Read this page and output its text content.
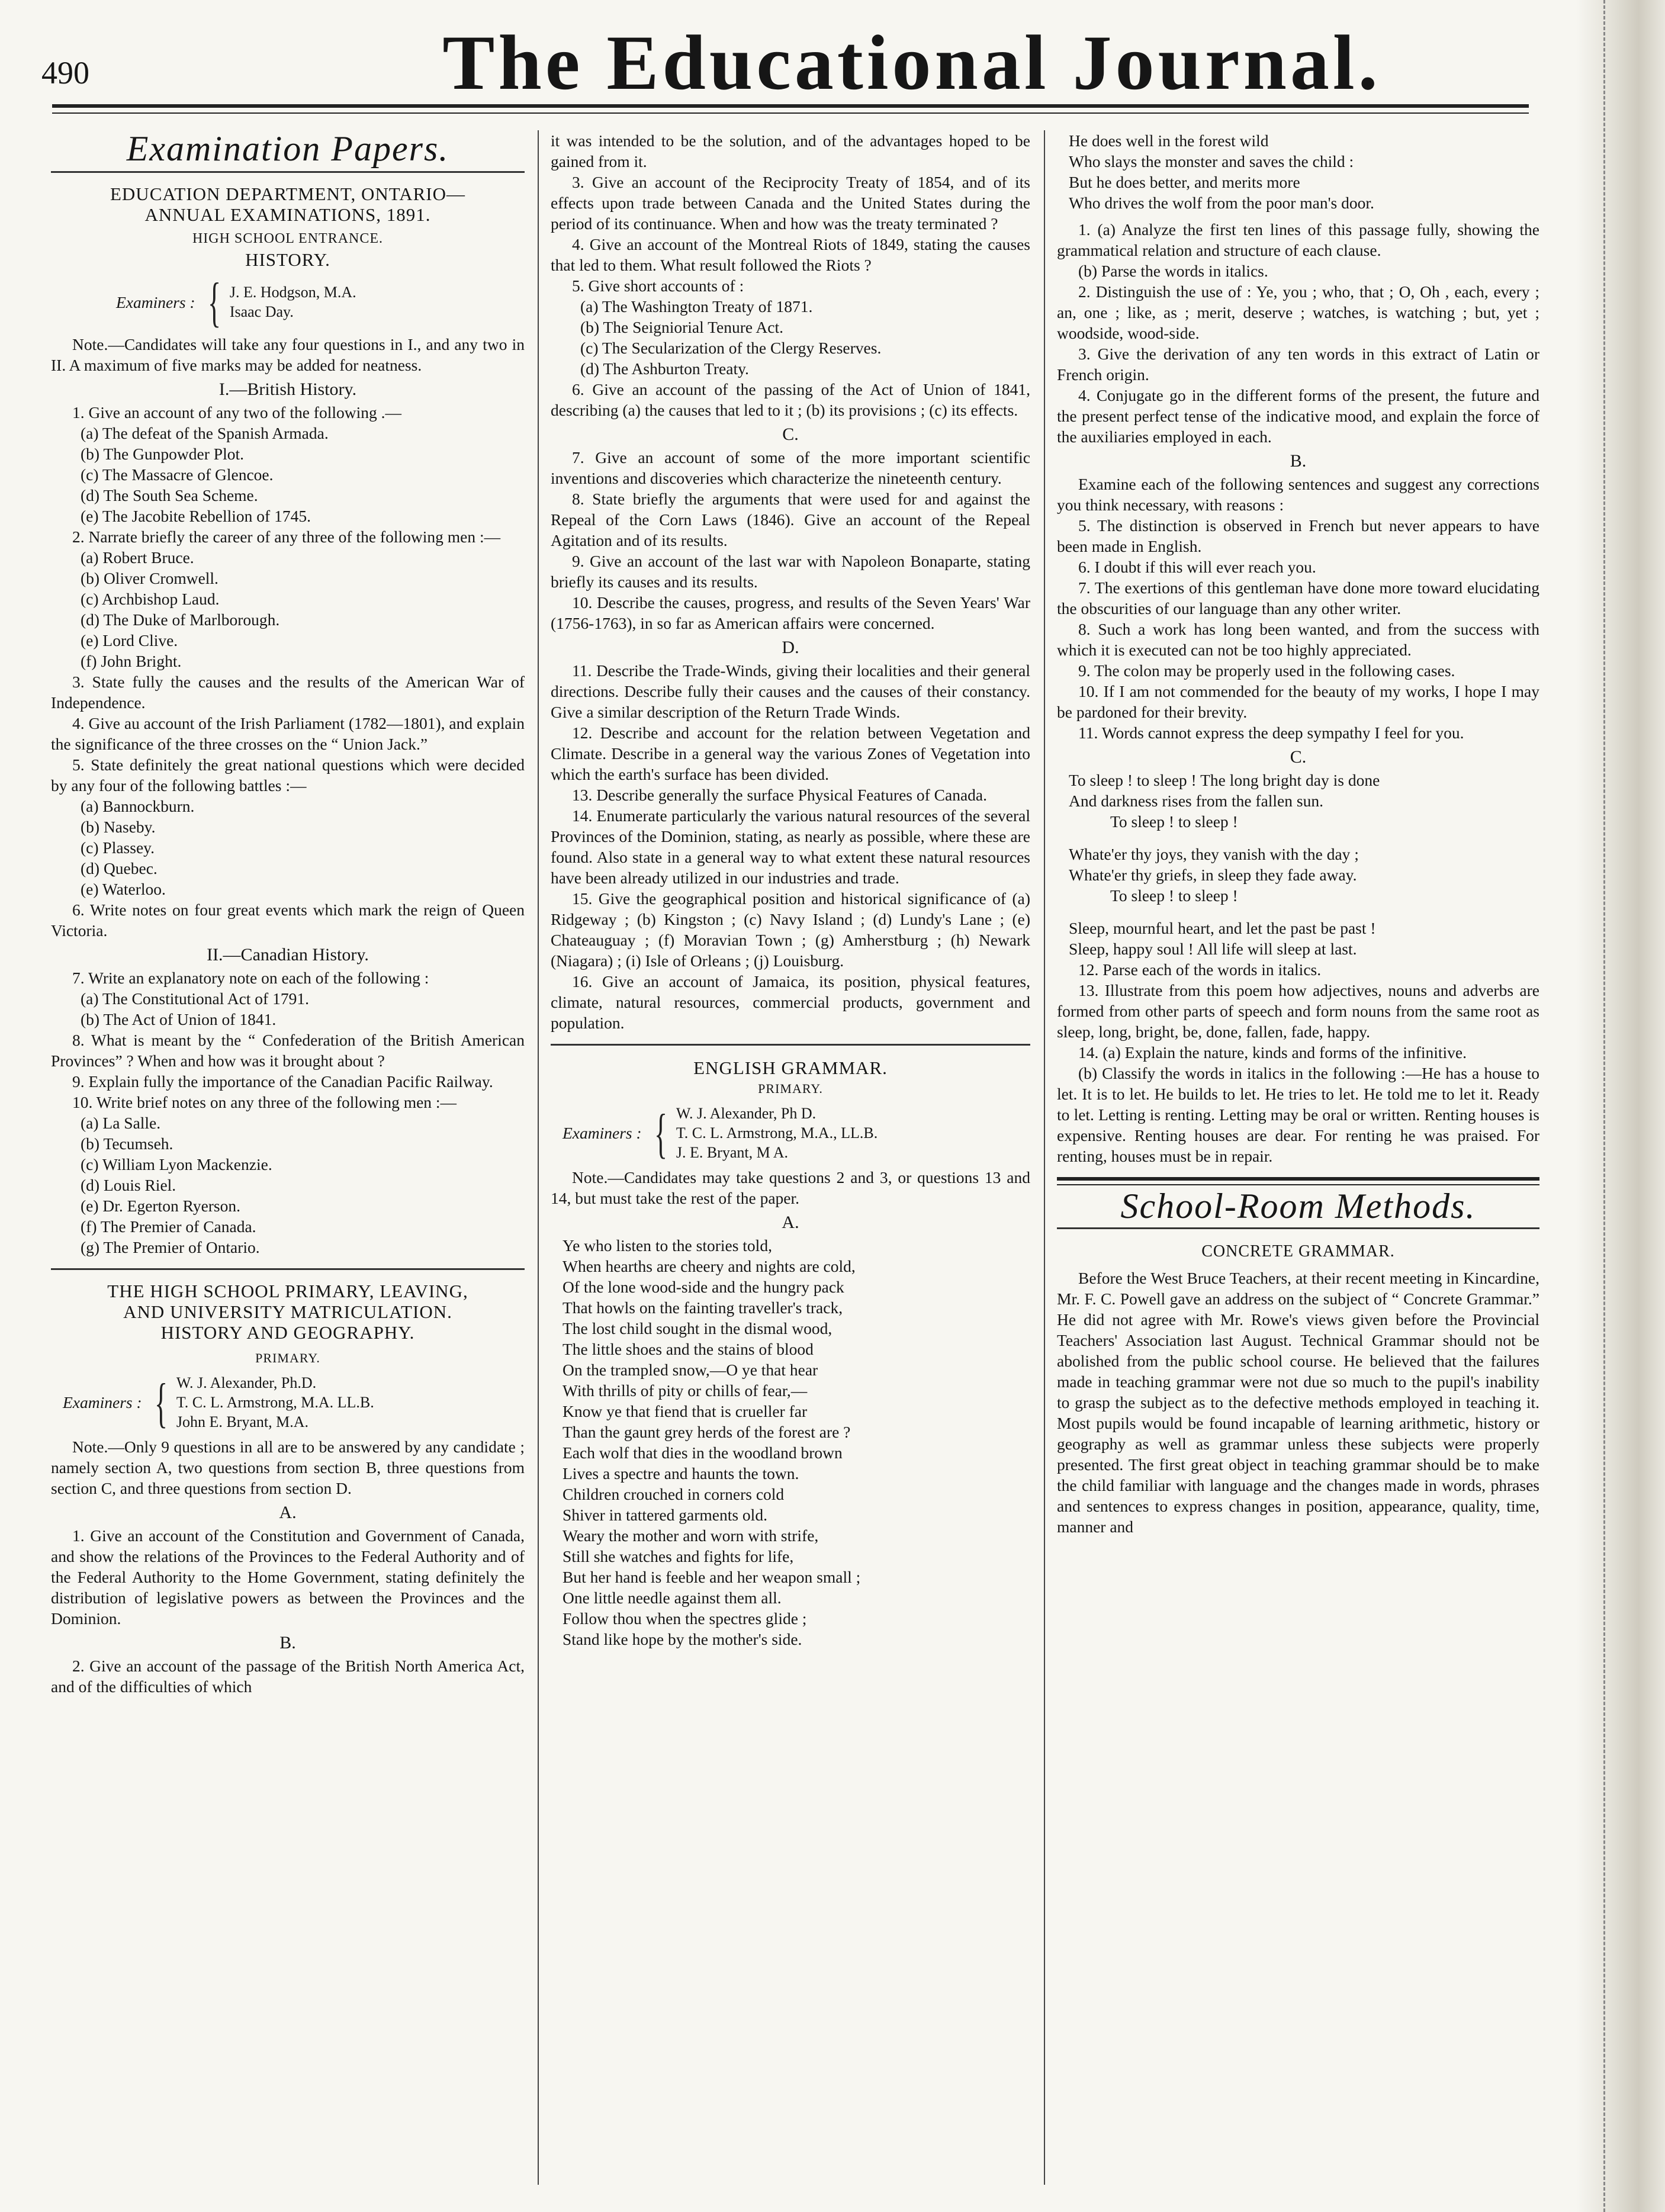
490	The Educational Journal.
Examination Papers.
EDUCATION DEPARTMENT, ONTARIO—
ANNUAL EXAMINATIONS, 1891.
HIGH SCHOOL ENTRANCE.
HISTORY.
Examiners : { J. E. Hodgson, M.A.
Isaac Day.

Note.—Candidates will take any four questions in I., and any two in II. A maximum of five marks may be added for neatness.

I.—British History.

1. Give an account of any two of the following .—

(a) The defeat of the Spanish Armada.

(b) The Gunpowder Plot.

(c) The Massacre of Glencoe.

(d) The South Sea Scheme.

(e) The Jacobite Rebellion of 1745.

2. Narrate briefly the career of any three of the following men :—

(a) Robert Bruce.

(b) Oliver Cromwell.

(c) Archbishop Laud.

(d) The Duke of Marlborough.

(e) Lord Clive.

(f) John Bright.

3. State fully the causes and the results of the American War of Independence.

4. Give au account of the Irish Parliament (1782—1801), and explain the significance of the three crosses on the “ Union Jack.”

5. State definitely the great national questions which were decided by any four of the following battles :—

(a) Bannockburn.

(b) Naseby.

(c) Plassey.

(d) Quebec.

(e) Waterloo.

6. Write notes on four great events which mark the reign of Queen Victoria.

II.—Canadian History.

7. Write an explanatory note on each of the following :

(a) The Constitutional Act of 1791.

(b) The Act of Union of 1841.

8. What is meant by the “ Confederation of the British American Provinces” ? When and how was it brought about ?

9. Explain fully the importance of the Canadian Pacific Railway.

10. Write brief notes on any three of the following men :—

(a) La Salle.

(b) Tecumseh.

(c) William Lyon Mackenzie.

(d) Louis Riel.

(e) Dr. Egerton Ryerson.

(f) The Premier of Canada.

(g) The Premier of Ontario.

THE HIGH SCHOOL PRIMARY, LEAVING,
AND UNIVERSITY MATRICULATION.
HISTORY AND GEOGRAPHY.
PRIMARY.
Examiners : { W. J. Alexander, Ph.D.
T. C. L. Armstrong, M.A. LL.B.
John E. Bryant, M.A.

Note.—Only 9 questions in all are to be answered by any candidate ; namely section A, two questions from section B, three questions from section C, and three questions from section D.

A.

1. Give an account of the Constitution and Government of Canada, and show the relations of the Provinces to the Federal Authority and of the Federal Authority to the Home Government, stating definitely the distribution of legislative powers as between the Provinces and the Dominion.

B.

2. Give an account of the passage of the British North America Act, and of the difficulties of which

it was intended to be the solution, and of the advantages hoped to be gained from it.

3. Give an account of the Reciprocity Treaty of 1854, and of its effects upon trade between Canada and the United States during the period of its continuance. When and how was the treaty terminated ?

4. Give an account of the Montreal Riots of 1849, stating the causes that led to them. What result followed the Riots ?

5. Give short accounts of :

(a) The Washington Treaty of 1871.

(b) The Seigniorial Tenure Act.

(c) The Secularization of the Clergy Reserves.

(d) The Ashburton Treaty.

6. Give an account of the passing of the Act of Union of 1841, describing (a) the causes that led to it ; (b) its provisions ; (c) its effects.

C.

7. Give an account of some of the more important scientific inventions and discoveries which characterize the nineteenth century.

8. State briefly the arguments that were used for and against the Repeal of the Corn Laws (1846). Give an account of the Repeal Agitation and of its results.

9. Give an account of the last war with Napoleon Bonaparte, stating briefly its causes and its results.

10. Describe the causes, progress, and results of the Seven Years' War (1756-1763), in so far as American affairs were concerned.

D.

11. Describe the Trade-Winds, giving their localities and their general directions. Describe fully their causes and the causes of their constancy. Give a similar description of the Return Trade Winds.

12. Describe and account for the relation between Vegetation and Climate. Describe in a general way the various Zones of Vegetation into which the earth's surface has been divided.

13. Describe generally the surface Physical Features of Canada.

14. Enumerate particularly the various natural resources of the several Provinces of the Dominion, stating, as nearly as possible, where these are found. Also state in a general way to what extent these natural resources have been already utilized in our industries and trade.

15. Give the geographical position and historical significance of (a) Ridgeway ; (b) Kingston ; (c) Navy Island ; (d) Lundy's Lane ; (e) Chateauguay ; (f) Moravian Town ; (g) Amherstburg ; (h) Newark (Niagara) ; (i) Isle of Orleans ; (j) Louisburg.

16. Give an account of Jamaica, its position, physical features, climate, natural resources, commercial products, government and population.

ENGLISH GRAMMAR.
PRIMARY.
Examiners : { W. J. Alexander, Ph D.
T. C. L. Armstrong, M.A., LL.B.
J. E. Bryant, M A.

Note.—Candidates may take questions 2 and 3, or questions 13 and 14, but must take the rest of the paper.

A.

Ye who listen to the stories told,

When hearths are cheery and nights are cold,

Of the lone wood-side and the hungry pack

That howls on the fainting traveller's track,

The lost child sought in the dismal wood,

The little shoes and the stains of blood

On the trampled snow,—O ye that hear

With thrills of pity or chills of fear,—

Know ye that fiend that is crueller far

Than the gaunt grey herds of the forest are ?

Each wolf that dies in the woodland brown

Lives a spectre and haunts the town.

Children crouched in corners cold

Shiver in tattered garments old.

Weary the mother and worn with strife,

Still she watches and fights for life,

But her hand is feeble and her weapon small ;

One little needle against them all.

Follow thou when the spectres glide ;

Stand like hope by the mother's side.

He does well in the forest wild

Who slays the monster and saves the child :

But he does better, and merits more

Who drives the wolf from the poor man's door.

1. (a) Analyze the first ten lines of this passage fully, showing the grammatical relation and structure of each clause.

(b) Parse the words in italics.

2. Distinguish the use of : Ye, you ; who, that ; O, Oh , each, every ; an, one ; like, as ; merit, deserve ; watches, is watching ; but, yet ; woodside, wood-side.

3. Give the derivation of any ten words in this extract of Latin or French origin.

4. Conjugate go in the different forms of the present, the future and the present perfect tense of the indicative mood, and explain the force of the auxiliaries employed in each.

B.

Examine each of the following sentences and suggest any corrections you think necessary, with reasons :

5. The distinction is observed in French but never appears to have been made in English.

6. I doubt if this will ever reach you.

7. The exertions of this gentleman have done more toward elucidating the obscurities of our language than any other writer.

8. Such a work has long been wanted, and from the success with which it is executed can not be too highly appreciated.

9. The colon may be properly used in the following cases.

10. If I am not commended for the beauty of my works, I hope I may be pardoned for their brevity.

11. Words cannot express the deep sympathy I feel for you.

C.

To sleep ! to sleep ! The long bright day is done

And darkness rises from the fallen sun.

To sleep ! to sleep !

Whate'er thy joys, they vanish with the day ;

Whate'er thy griefs, in sleep they fade away.

To sleep ! to sleep !

Sleep, mournful heart, and let the past be past !

Sleep, happy soul ! All life will sleep at last.

12. Parse each of the words in italics.

13. Illustrate from this poem how adjectives, nouns and adverbs are formed from other parts of speech and form nouns from the same root as sleep, long, bright, be, done, fallen, fade, happy.

14. (a) Explain the nature, kinds and forms of the infinitive.

(b) Classify the words in italics in the following :—He has a house to let. It is to let. He builds to let. He tries to let. He told me to let it. Ready to let. Letting is renting. Letting may be oral or written. Renting houses is expensive. Renting houses are dear. For renting he was praised. For renting, houses must be in repair.

School-Room Methods.
CONCRETE GRAMMAR.

Before the West Bruce Teachers, at their recent meeting in Kincardine, Mr. F. C. Powell gave an address on the subject of “ Concrete Grammar.” He did not agree with Mr. Rowe's views given before the Provincial Teachers' Association last August. Technical Grammar should not be abolished from the public school course. He believed that the failures made in teaching grammar were not due so much to the pupil's inability to grasp the subject as to the defective methods employed in teaching it. Most pupils would be found incapable of learning arithmetic, history or geography as well as grammar unless these subjects were properly presented. The first great object in teaching grammar should be to make the child familiar with language and the changes made in words, phrases and sentences to express changes in position, appearance, quality, time, manner and
